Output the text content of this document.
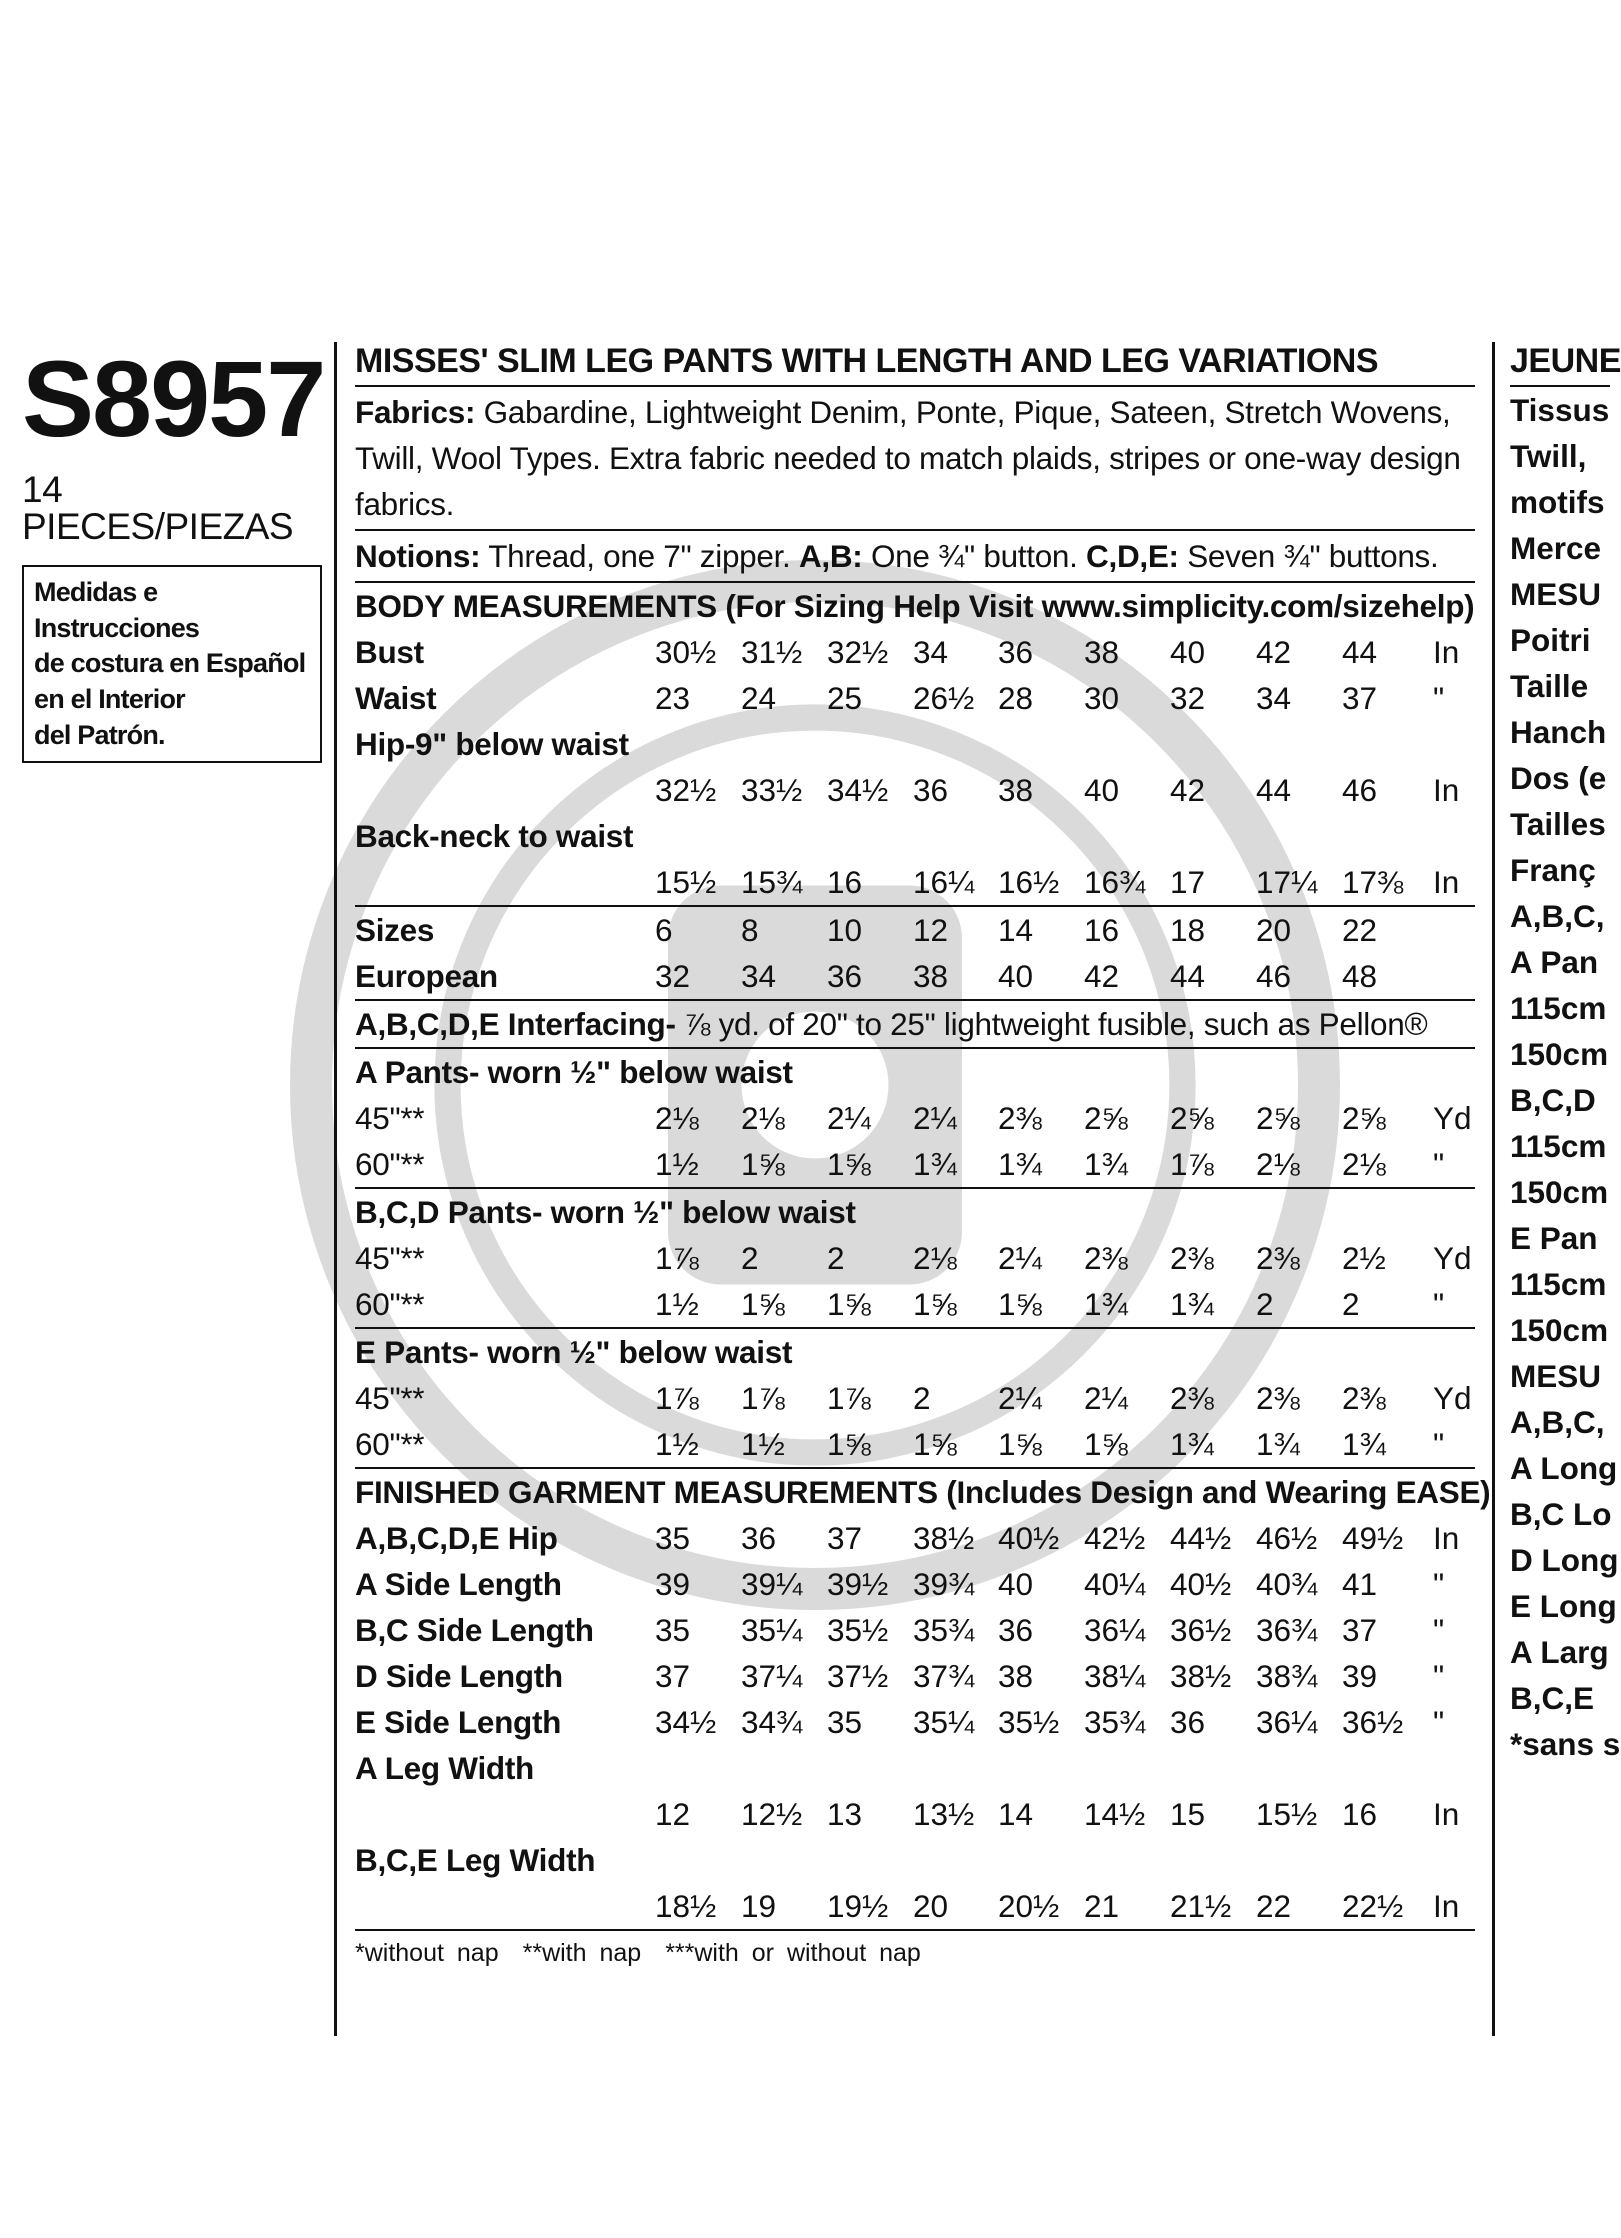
S8957
14 PIECES/PIEZAS
Medidas e Instrucciones
de costura en Español
en el Interior
del Patrón.
MISSES' SLIM LEG PANTS WITH LENGTH AND LEG VARIATIONS
Fabrics: Gabardine, Lightweight Denim, Ponte, Pique, Sateen, Stretch Wovens, Twill, Wool Types. Extra fabric needed to match plaids, stripes or one-way design fabrics.
Notions: Thread, one 7" zipper. A,B: One ¾" button. C,D,E: Seven ¾" buttons.
BODY MEASUREMENTS (For Sizing Help Visit www.simplicity.com/sizehelp)
Bust	30½ 31½ 32½ 34 36 38 40 42 44 In
Waist	23 24 25 26½ 28 30 32 34 37 "
Hip-9" below waist
32½ 33½ 34½ 36 38 40 42 44 46 In
Back-neck to waist
15½ 15¾ 16 16¼ 16½ 16¾ 17 17¼ 17⅜ In
Sizes	6 8 10 12 14 16 18 20 22
European	32 34 36 38 40 42 44 46 48
A,B,C,D,E Interfacing- ⅞ yd. of 20" to 25" lightweight fusible, such as Pellon®
A Pants- worn ½" below waist
45"**	2⅛ 2⅛ 2¼ 2¼ 2⅜ 2⅝ 2⅝ 2⅝ 2⅝ Yd
60"**	1½ 1⅝ 1⅝ 1¾ 1¾ 1¾ 1⅞ 2⅛ 2⅛ "
B,C,D Pants- worn ½" below waist
45"**	1⅞ 2 2 2⅛ 2¼ 2⅜ 2⅜ 2⅜ 2½ Yd
60"**	1½ 1⅝ 1⅝ 1⅝ 1⅝ 1¾ 1¾ 2 2 "
E Pants- worn ½" below waist
45"**	1⅞ 1⅞ 1⅞ 2 2¼ 2¼ 2⅜ 2⅜ 2⅜ Yd
60"**	1½ 1½ 1⅝ 1⅝ 1⅝ 1⅝ 1¾ 1¾ 1¾ "
FINISHED GARMENT MEASUREMENTS (Includes Design and Wearing EASE)
A,B,C,D,E Hip	35 36 37 38½ 40½ 42½ 44½ 46½ 49½ In
A Side Length	39 39¼ 39½ 39¾ 40 40¼ 40½ 40¾ 41 "
B,C Side Length 35 35¼ 35½ 35¾ 36 36¼ 36½ 36¾ 37 "
D Side Length	37 37¼ 37½ 37¾ 38 38¼ 38½ 38¾ 39 "
E Side Length	34½ 34¾ 35 35¼ 35½ 35¾ 36 36¼ 36½ "
A Leg Width
12 12½ 13 13½ 14 14½ 15 15½ 16 In
B,C,E Leg Width
18½ 19 19½ 20 20½ 21 21½ 22 22½ In
*without nap **with nap ***with or without nap
JEUNE
Tissus
Twill,
motifs
Merce
MESU
Poitri
Taille
Hanch
Dos (e
Tailles
Franç
A,B,C,
A Pan
115cm
150cm
B,C,D
115cm
150cm
E Pan
115cm
150cm
MESU
A,B,C,
A Long
B,C Lo
D Long
E Long
A Larg
B,C,E
*sans s
